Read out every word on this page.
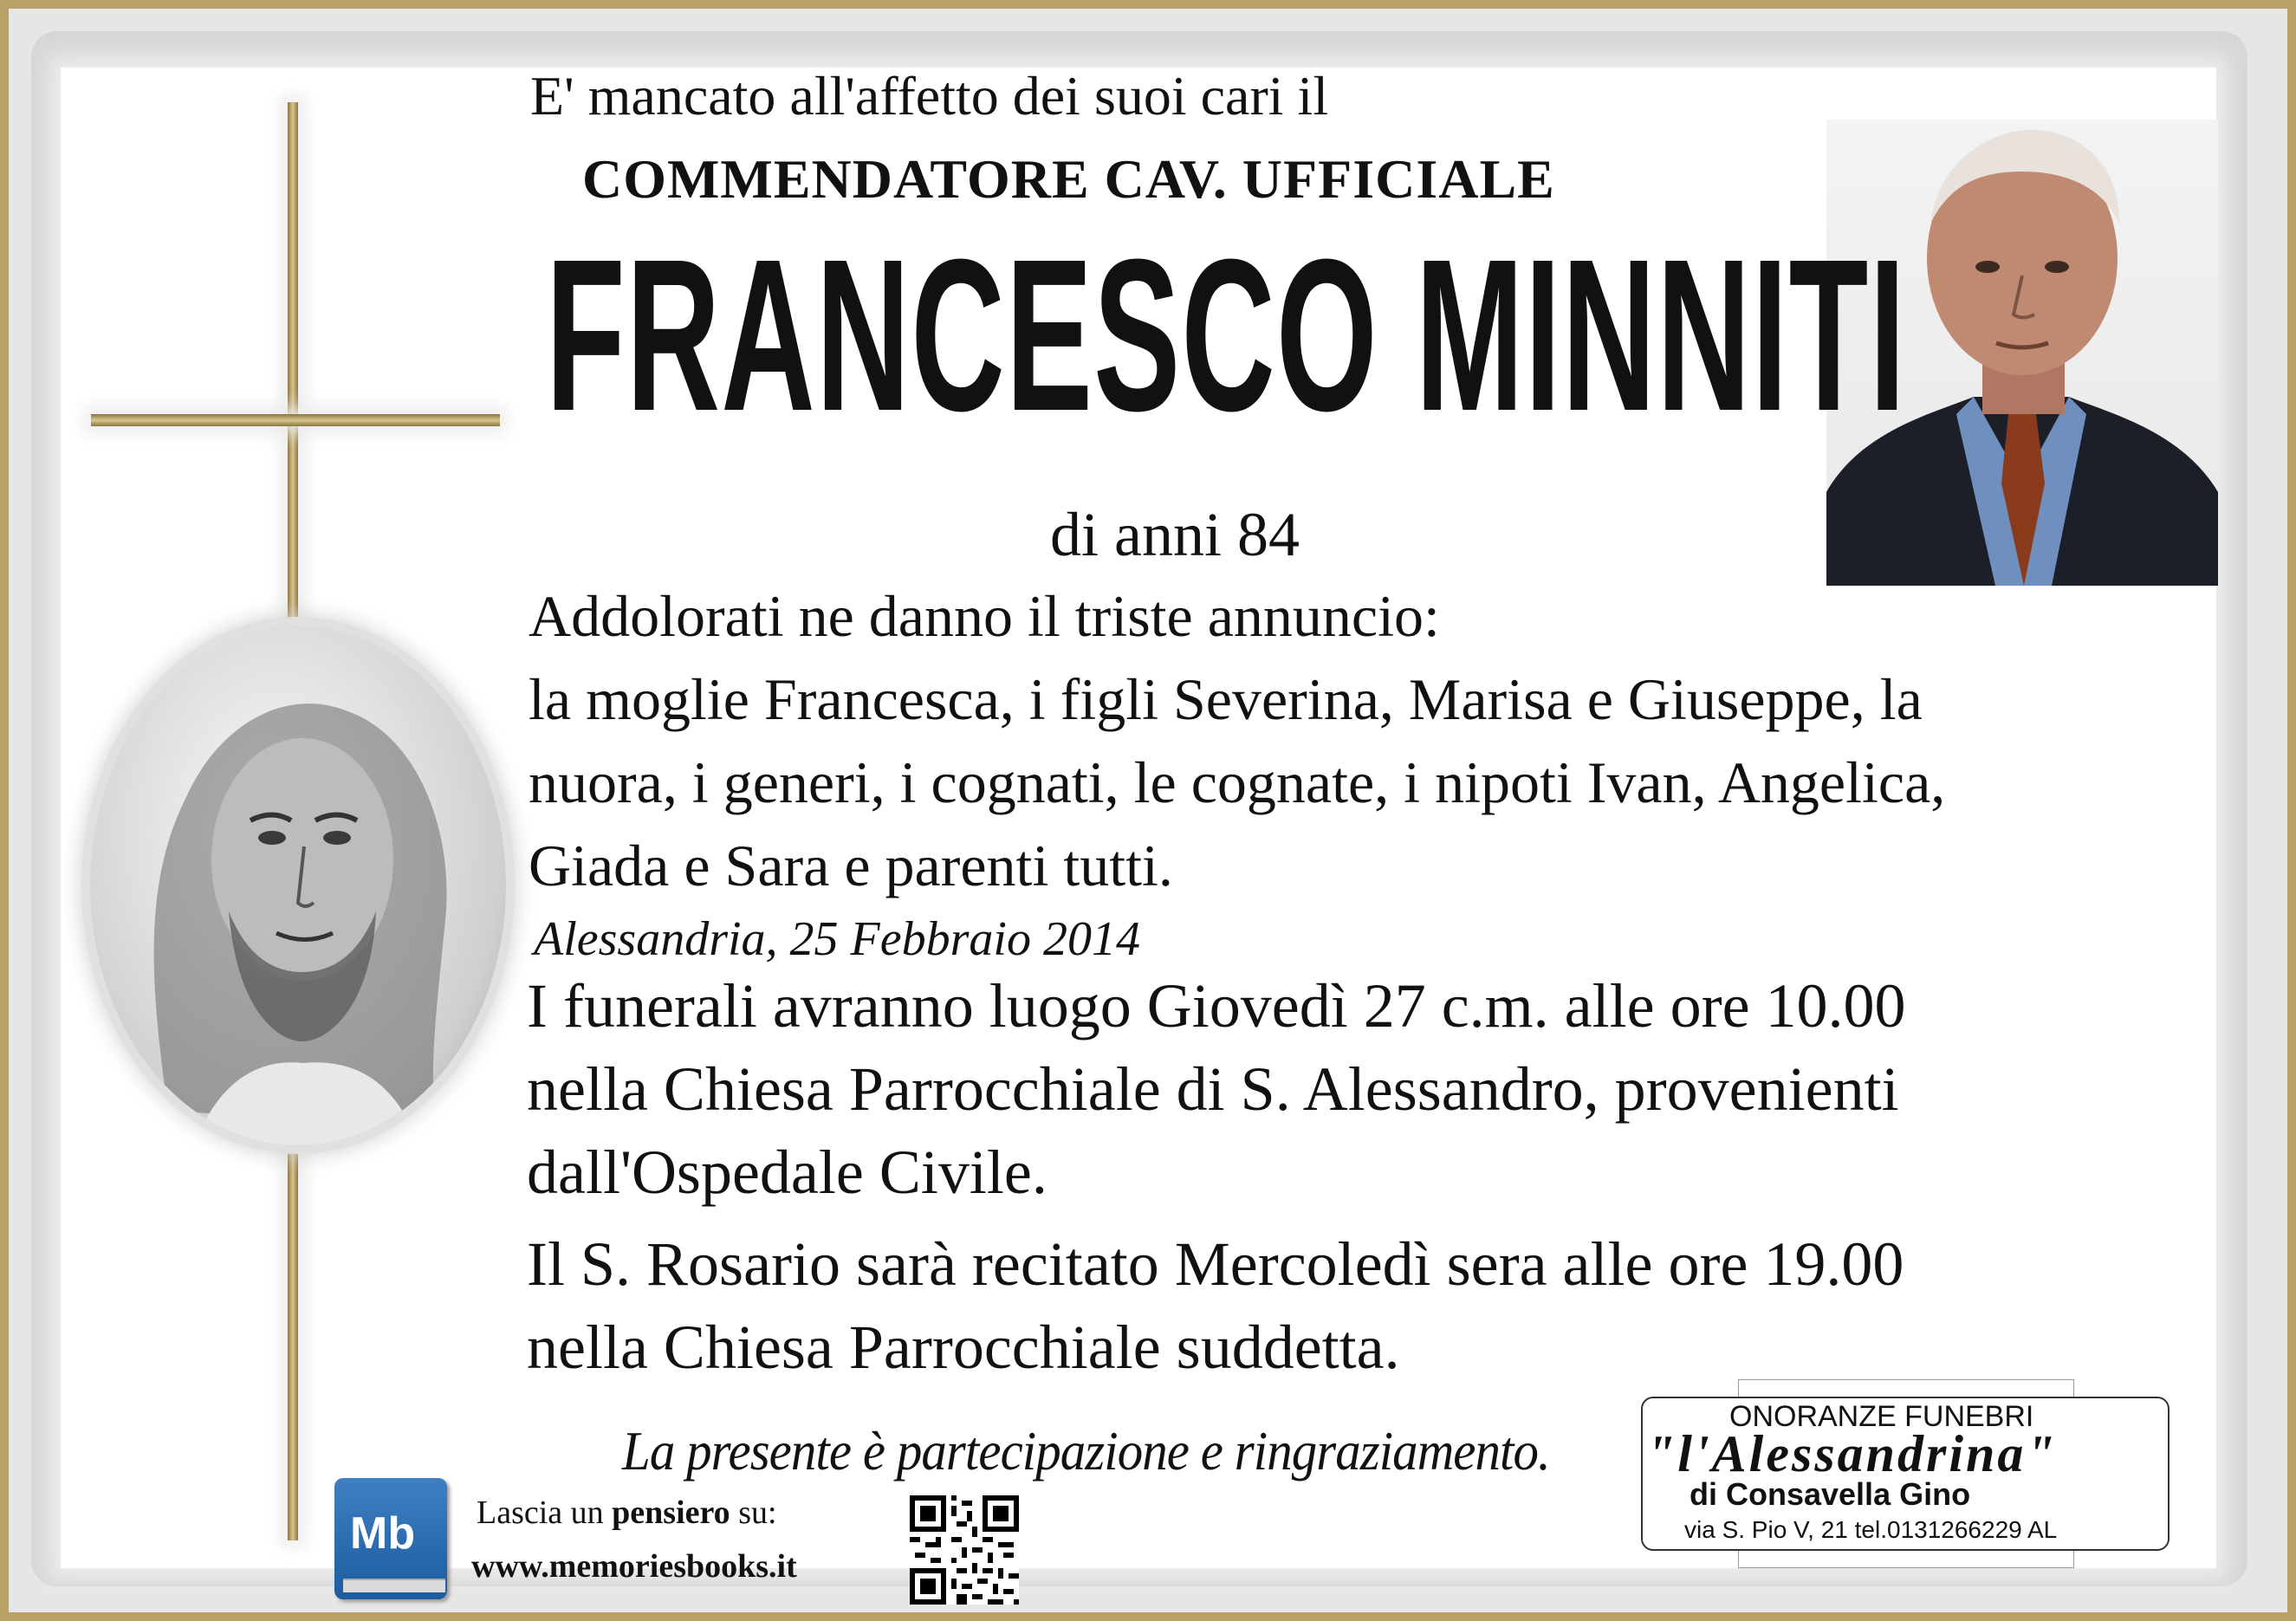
E' mancato all'affetto dei suoi cari il
COMMENDATORE CAV. UFFICIALE
FRANCESCO MINNITI
di anni 84
Addolorati ne danno il triste annuncio:
la moglie Francesca, i figli Severina, Marisa e Giuseppe, la
nuora, i generi, i cognati, le cognate, i nipoti Ivan, Angelica,
Giada e Sara e parenti tutti.
Alessandria, 25 Febbraio 2014
I funerali avranno luogo Giovedì 27 c.m. alle ore 10.00
nella Chiesa Parrocchiale di S. Alessandro, provenienti
dall'Ospedale Civile.
Il S. Rosario sarà recitato Mercoledì sera alle ore 19.00
nella Chiesa Parrocchiale suddetta.
La presente è partecipazione e ringraziamento.
Mb Lascia un pensiero su:
www.memoriesbooks.it
ONORANZE FUNEBRI
"l'Alessandrina"
di Consavella Gino
via S. Pio V, 21 tel.0131266229 AL
